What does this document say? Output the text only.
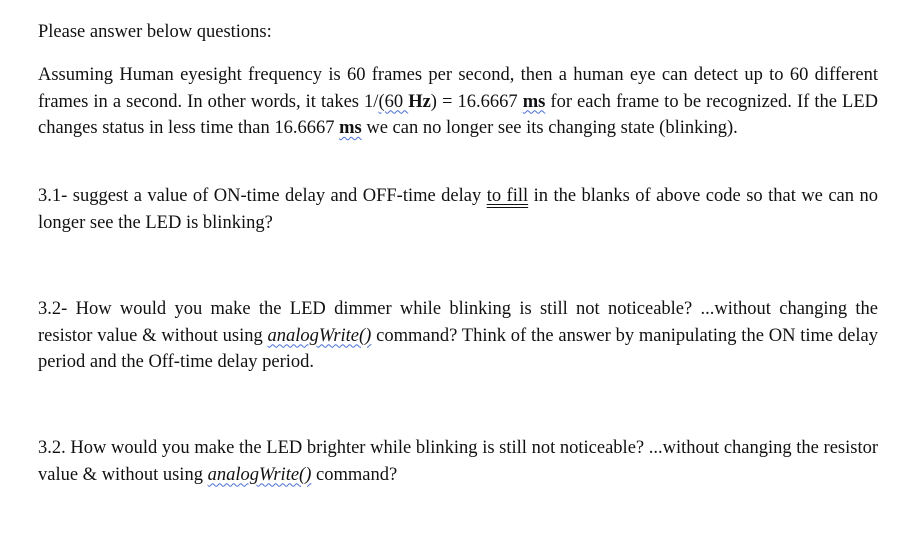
Please answer below questions:
Assuming Human eyesight frequency is 60 frames per second, then a human eye can detect up to 60 different frames in a second. In other words, it takes 1/(60 Hz) = 16.6667 ms for each frame to be recognized. If the LED changes status in less time than 16.6667 ms we can no longer see its changing state (blinking).
3.1- suggest a value of ON-time delay and OFF-time delay to fill in the blanks of above code so that we can no longer see the LED is blinking?
3.2- How would you make the LED dimmer while blinking is still not noticeable? ...without changing the resistor value & without using analogWrite() command? Think of the answer by manipulating the ON time delay period and the Off-time delay period.
3.2. How would you make the LED brighter while blinking is still not noticeable? ...without changing the resistor value & without using analogWrite() command?
